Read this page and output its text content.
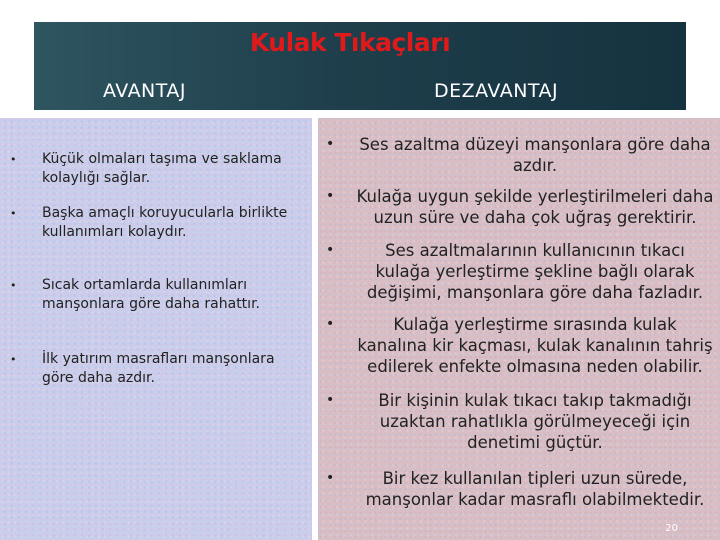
Kulak Tıkaçları
AVANTAJ	DEZAVANTAJ
• Küçük olmaları taşıma ve saklama kolaylığı sağlar.
• Başka amaçlı koruyucularla birlikte kullanımları kolaydır.
• Sıcak ortamlarda kullanımları manşonlara göre daha rahattır.
• İlk yatırım masrafları manşonlara göre daha azdır.
• Ses azaltma düzeyi manşonlara göre daha azdır.
• Kulağa uygun şekilde yerleştirilmeleri daha uzun süre ve daha çok uğraş gerektirir.
•	Ses azaltmalarının kullanıcının tıkacı kulağa yerleştirme şekline bağlı olarak değişimi, manşonlara göre daha fazladır.
•	Kulağa yerleştirme sırasında kulak kanalına kir kaçması, kulak kanalının tahriş edilerek enfekte olmasına neden olabilir.
•	Bir kişinin kulak tıkacı takıp takmadığı uzaktan rahatlıkla görülmeyeceği için denetimi güçtür.
•	Bir kez kullanılan tipleri uzun sürede, manşonlar kadar masraflı olabilmektedir.
20
